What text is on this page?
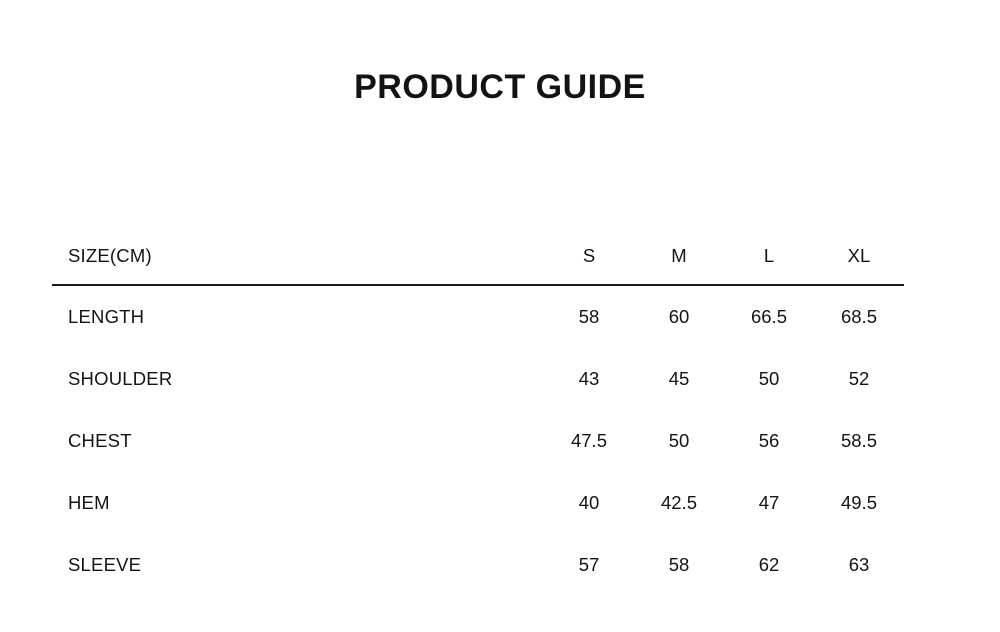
PRODUCT GUIDE
SIZE(CM)	S	M	L	XL
LENGTH	58	60	66.5	68.5
SHOULDER	43	45	50	52
CHEST	47.5	50	56	58.5
HEM	40	42.5	47	49.5
SLEEVE	57	58	62	63
